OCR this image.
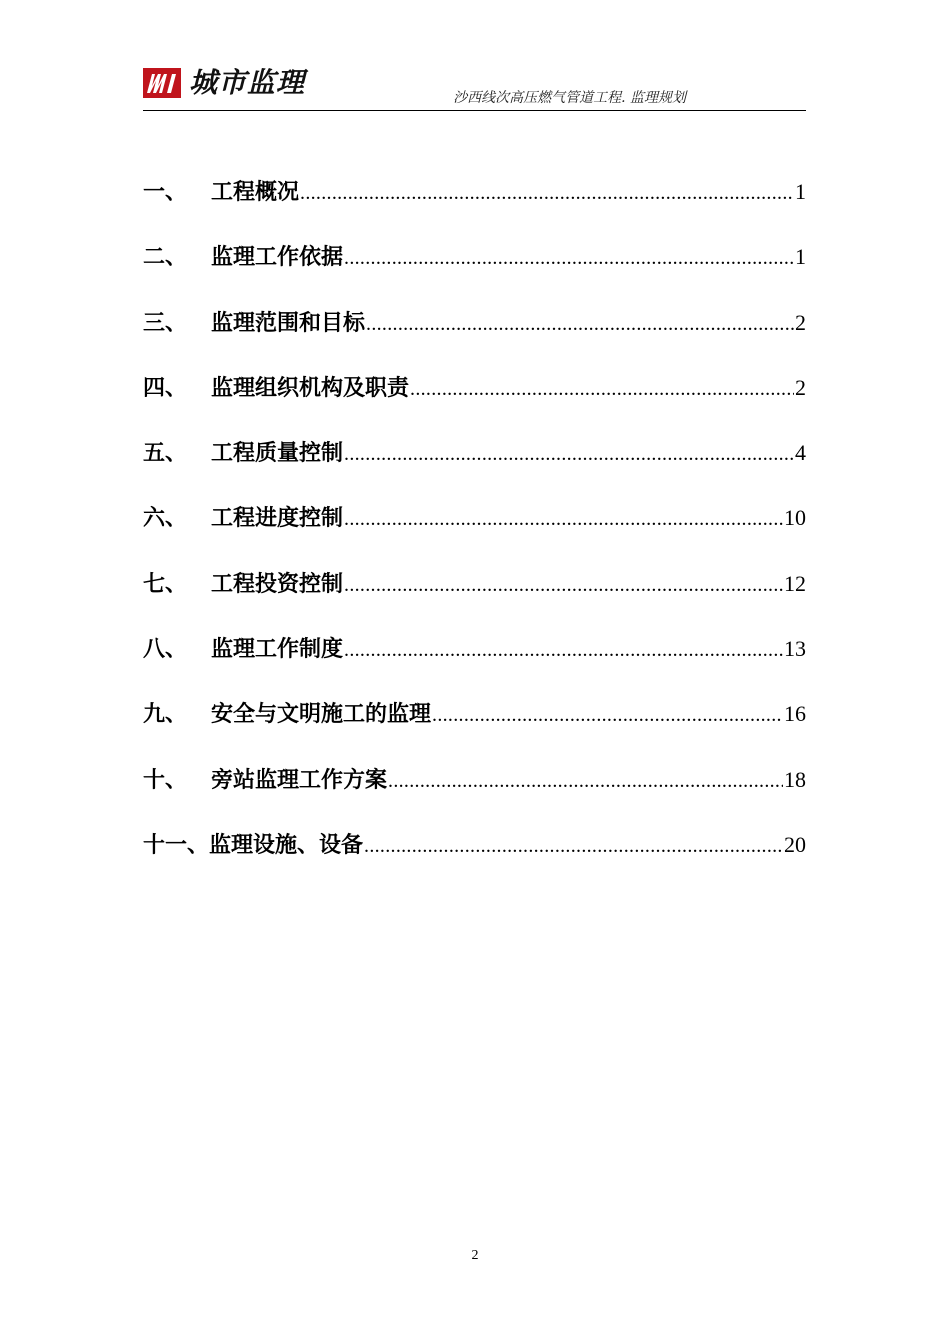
城市监理	沙西线次高压燃气管道工程. 监理规划
一、	工程概况 .....	1
二、	监理工作依据 .....	1
三、	监理范围和目标 .....	2
四、	监理组织机构及职责 .....	2
五、	工程质量控制 .....	4
六、	工程进度控制 .....	10
七、	工程投资控制 .....	12
八、	监理工作制度 .....	13
九、	安全与文明施工的监理 .....	16
十、	旁站监理工作方案 .....	18
十一、 监理设施、设备 .....	20
2
